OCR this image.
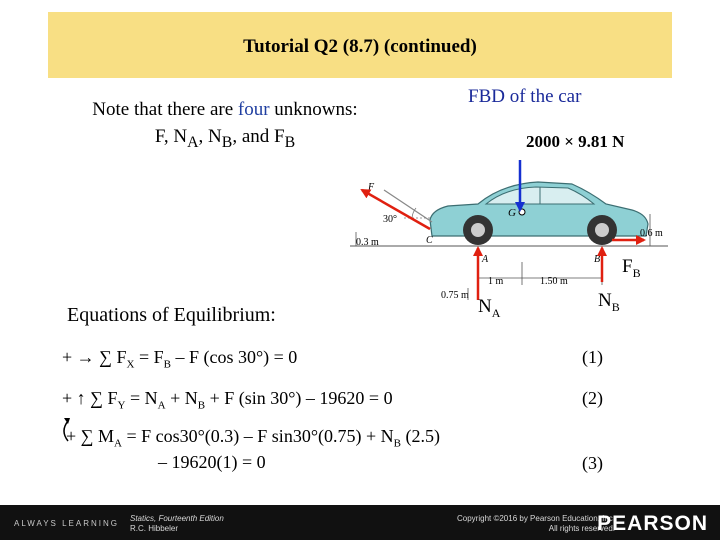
Tutorial Q2 (8.7) (continued)
Note that there are four unknowns:
F, $N_A$, $N_B$, and $F_B$
FBD of the car
2000 × 9.81 N
30°
F
0.3 m	C
G
0.6 m
1 m	1.50 m
0.75 m
A	B $F_B$
$N_A$
$N_B$
Equations of Equilibrium:
+ → ∑ $F_X = F_B - F$ (cos 30°) = 0	(1)
+ ↑ ∑ $F_Y = N_A + N_B + F$ (sin 30°) – 19620 = 0	(2)
+ ∑ $M_A = F$ cos30°(0.3) – F $\sin 30^\circ(0.75) + N_B$ (2.5)
– 19620(1) = 0	(3)
ALWAYS LEARNING
Statics, Fourteenth Edition
R.C. Hibbeler
Copyright ©2016 by Pearson Education, Inc.
All rights reserved.
PEARSON
